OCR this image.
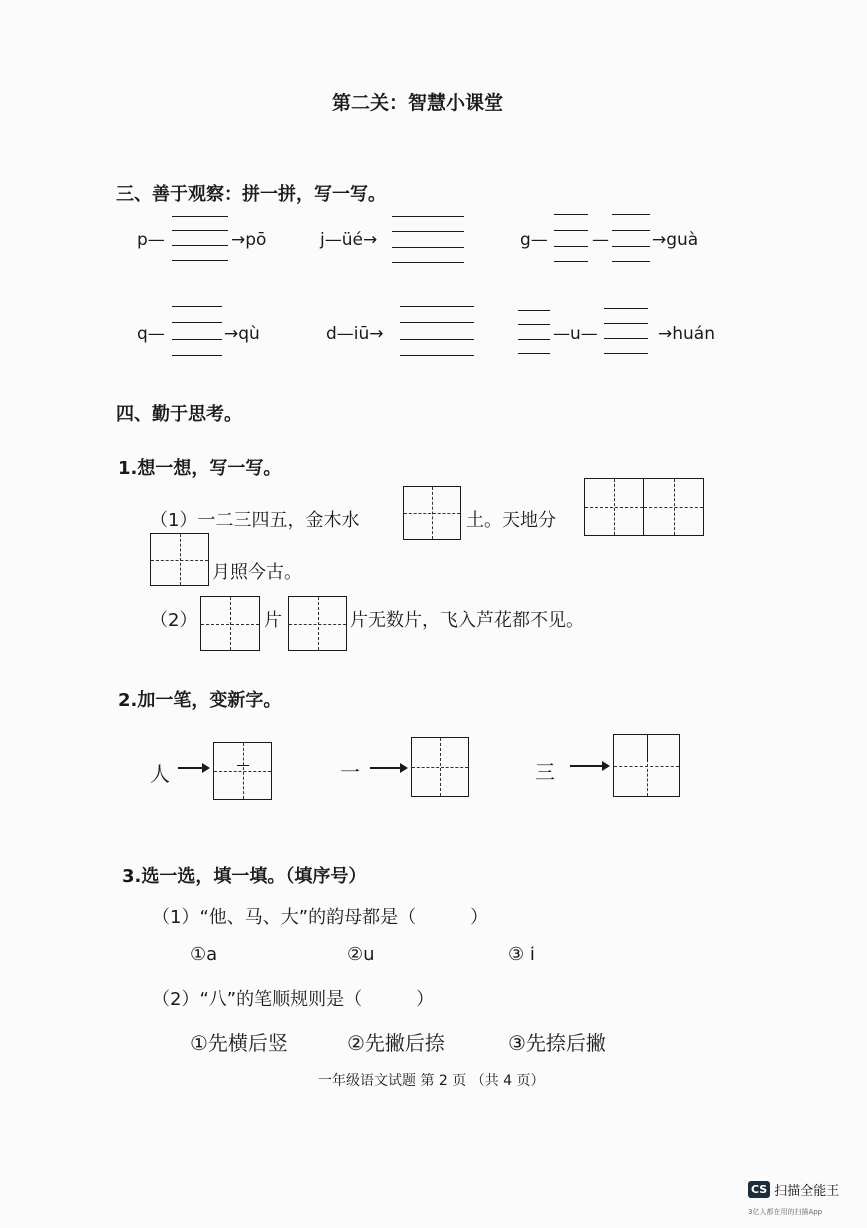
第二关：智慧小课堂
三、善于观察：拼一拼，写一写。
p—	→pō	j—üé→	g—	—	→guà
q—	→qù	d—iū→	—u—	→huán
四、勤于思考。
1.想一想，写一写。
（1）一二三四五，金木水	土。天地分
月照今古。
（2）	片	片无数片，飞入芦花都不见。
2.加一笔，变新字。
人	一	三
3.选一选，填一填。（填序号）
（1）“他、马、大”的韵母都是（　　　）
①a	②u	③ i
（2）“八”的笔顺规则是（　　　）
①先横后竖	②先撇后捺	③先捺后撇
一年级语文试题 第 2 页 （共 4 页）
CS 扫描全能王
3亿人都在用的扫描App
